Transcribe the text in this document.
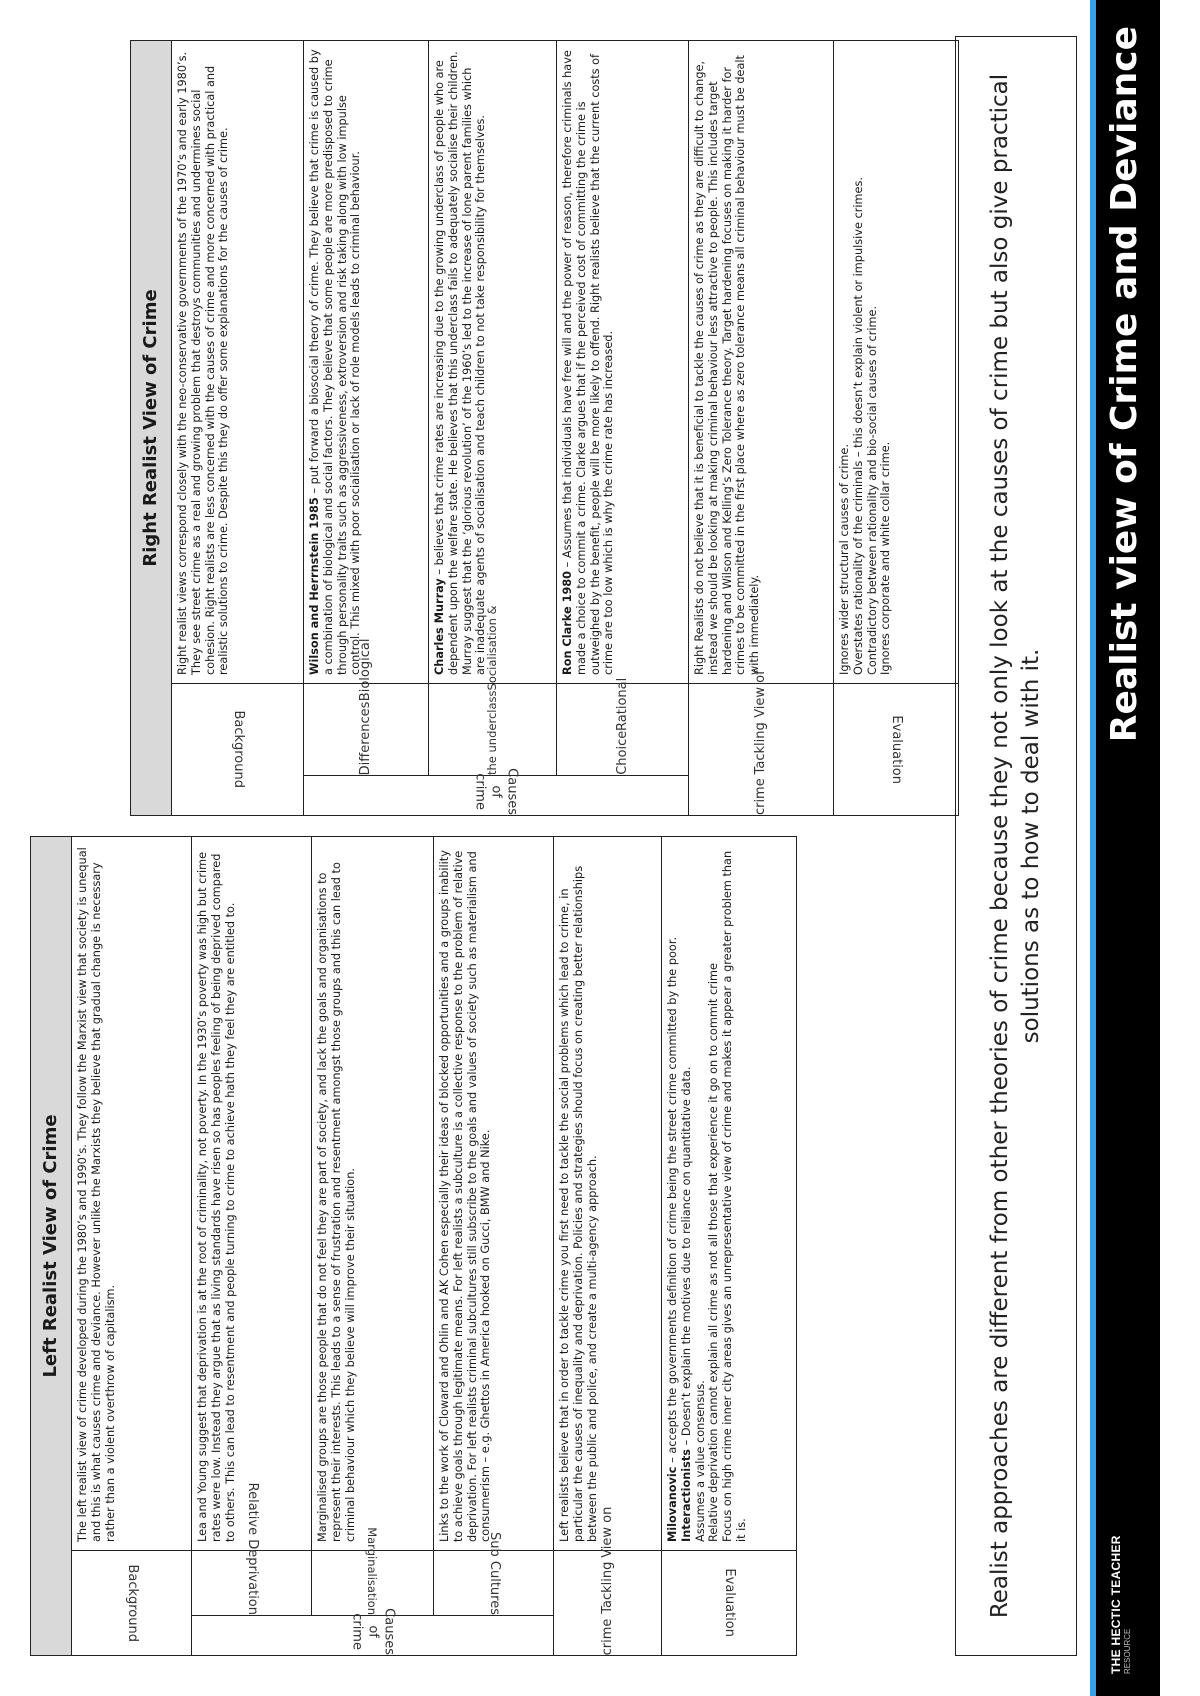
THE HECTIC TEACHER RESOURCE
Realist view of Crime and Deviance
Realist approaches are different from other theories of crime because they not only look at the causes of crime but also give practical solutions as to how to deal with it.
Left Realist View of Crime		
Background		The left realist view of crime developed during the 1980’s and 1990’s. They follow the Marxist view that society is unequal and this is what causes crime and deviance. However unlike the Marxists they believe that gradual change is necessary rather than a violent overthrow of capitalism.
Causes of crime	Relative Deprivation	Lea and Young suggest that deprivation is at the root of criminality, not poverty. In the 1930’s poverty was high but crime rates were low. Instead they argue that as living standards have risen so has peoples feeling of being deprived compared to others. This can lead to resentment and people turning to crime to achieve hath they feel they are entitled to.
	Marginalisation	Marginalised groups are those people that do not feel they are part of society, and lack the goals and organisations to represent their interests. This leads to a sense of frustration and resentment amongst those groups and this can lead to criminal behaviour which they believe will improve their situation.
	Sub Cultures	Links to the work of Cloward and Ohlin and AK Cohen especially their ideas of blocked opportunities and a groups inability to achieve goals through legitimate means. For left realists a subculture is a collective response to the problem of relative deprivation. For left realists criminal subcultures still subscribe to the goals and values of society such as materialism and consumerism – e.g. Ghettos in America hooked on Gucci, BMW and Nike.
View on Tackling crime		Left realists believe that in order to tackle crime you first need to tackle the social problems which lead to crime, in particular the causes of inequality and deprivation. Policies and strategies should focus on creating better relationships between the public and police, and create a multi-agency approach.
Evaluation		Milovanovic – accepts the governments definition of crime being the street crime committed by the poor.
Interactionists – Doesn’t explain the motives due to reliance on quantitative data.
Assumes a value consensus. Relative deprivation cannot explain all crime as not all those that experience it go on to commit crime Focus on high crime inner city areas gives an unrepresentative view of crime and makes it appear a greater problem than it is.
Right Realist View of Crime		
Background		Right realist views correspond closely with the neo-conservative governments of the 1970’s and early 1980’s. They see street crime as a real and growing problem that destroys communities and undermines social cohesion. Right realists are less concerned with the causes of crime and more concerned with practical and realistic solutions to crime. Despite this they do offer some explanations for the causes of crime.
Causes of crime	BiologicalDifferences	Wilson and Herrnstein 1985 – put forward a biosocial theory of crime. They believe that crime is caused by a combination of biological and social factors. They believe that some people are more predisposed to crime through personality traits such as aggressiveness, extroversion and risk taking along with low impulse control. This mixed with poor socialisation or lack of role models leads to criminal behaviour.
	Socialisation &the underclass	Charles Murray – believes that crime rates are increasing due to the growing underclass of people who are dependent upon the welfare state. He believes that this underclass fails to adequately socialise their children. Murray suggest that the ‘glorious revolution’ of the 1960’s led to the increase of lone parent families which are inadequate agents of socialisation and teach children to not take responsibility for themselves.
	RationalChoice	Ron Clarke 1980 – Assumes that individuals have free will and the power of reason, therefore criminals have made a choice to commit a crime. Clarke argues that if the perceived cost of committing the crime is outweighed by the benefit, people will be more likely to offend. Right realists believe that the current costs of crime are too low which is why the crime rate has increased.
View of Tackling crime		Right Realists do not believe that it is beneficial to tackle the causes of crime as they are difficult to change, instead we should be looking at making criminal behaviour less attractive to people. This includes target hardening and Wilson and Kelling’s Zero Tolerance theory. Target hardening focuses on making it harder for crimes to be committed in the first place where as zero tolerance means all criminal behaviour must be dealt with immediately.
Evaluation		Ignores wider structural causes of crime. Overstates rationality of the criminals – this doesn’t explain violent or impulsive crimes. Contradictory between rationality and bio-social causes of crime. Ignores corporate and white collar crime.
